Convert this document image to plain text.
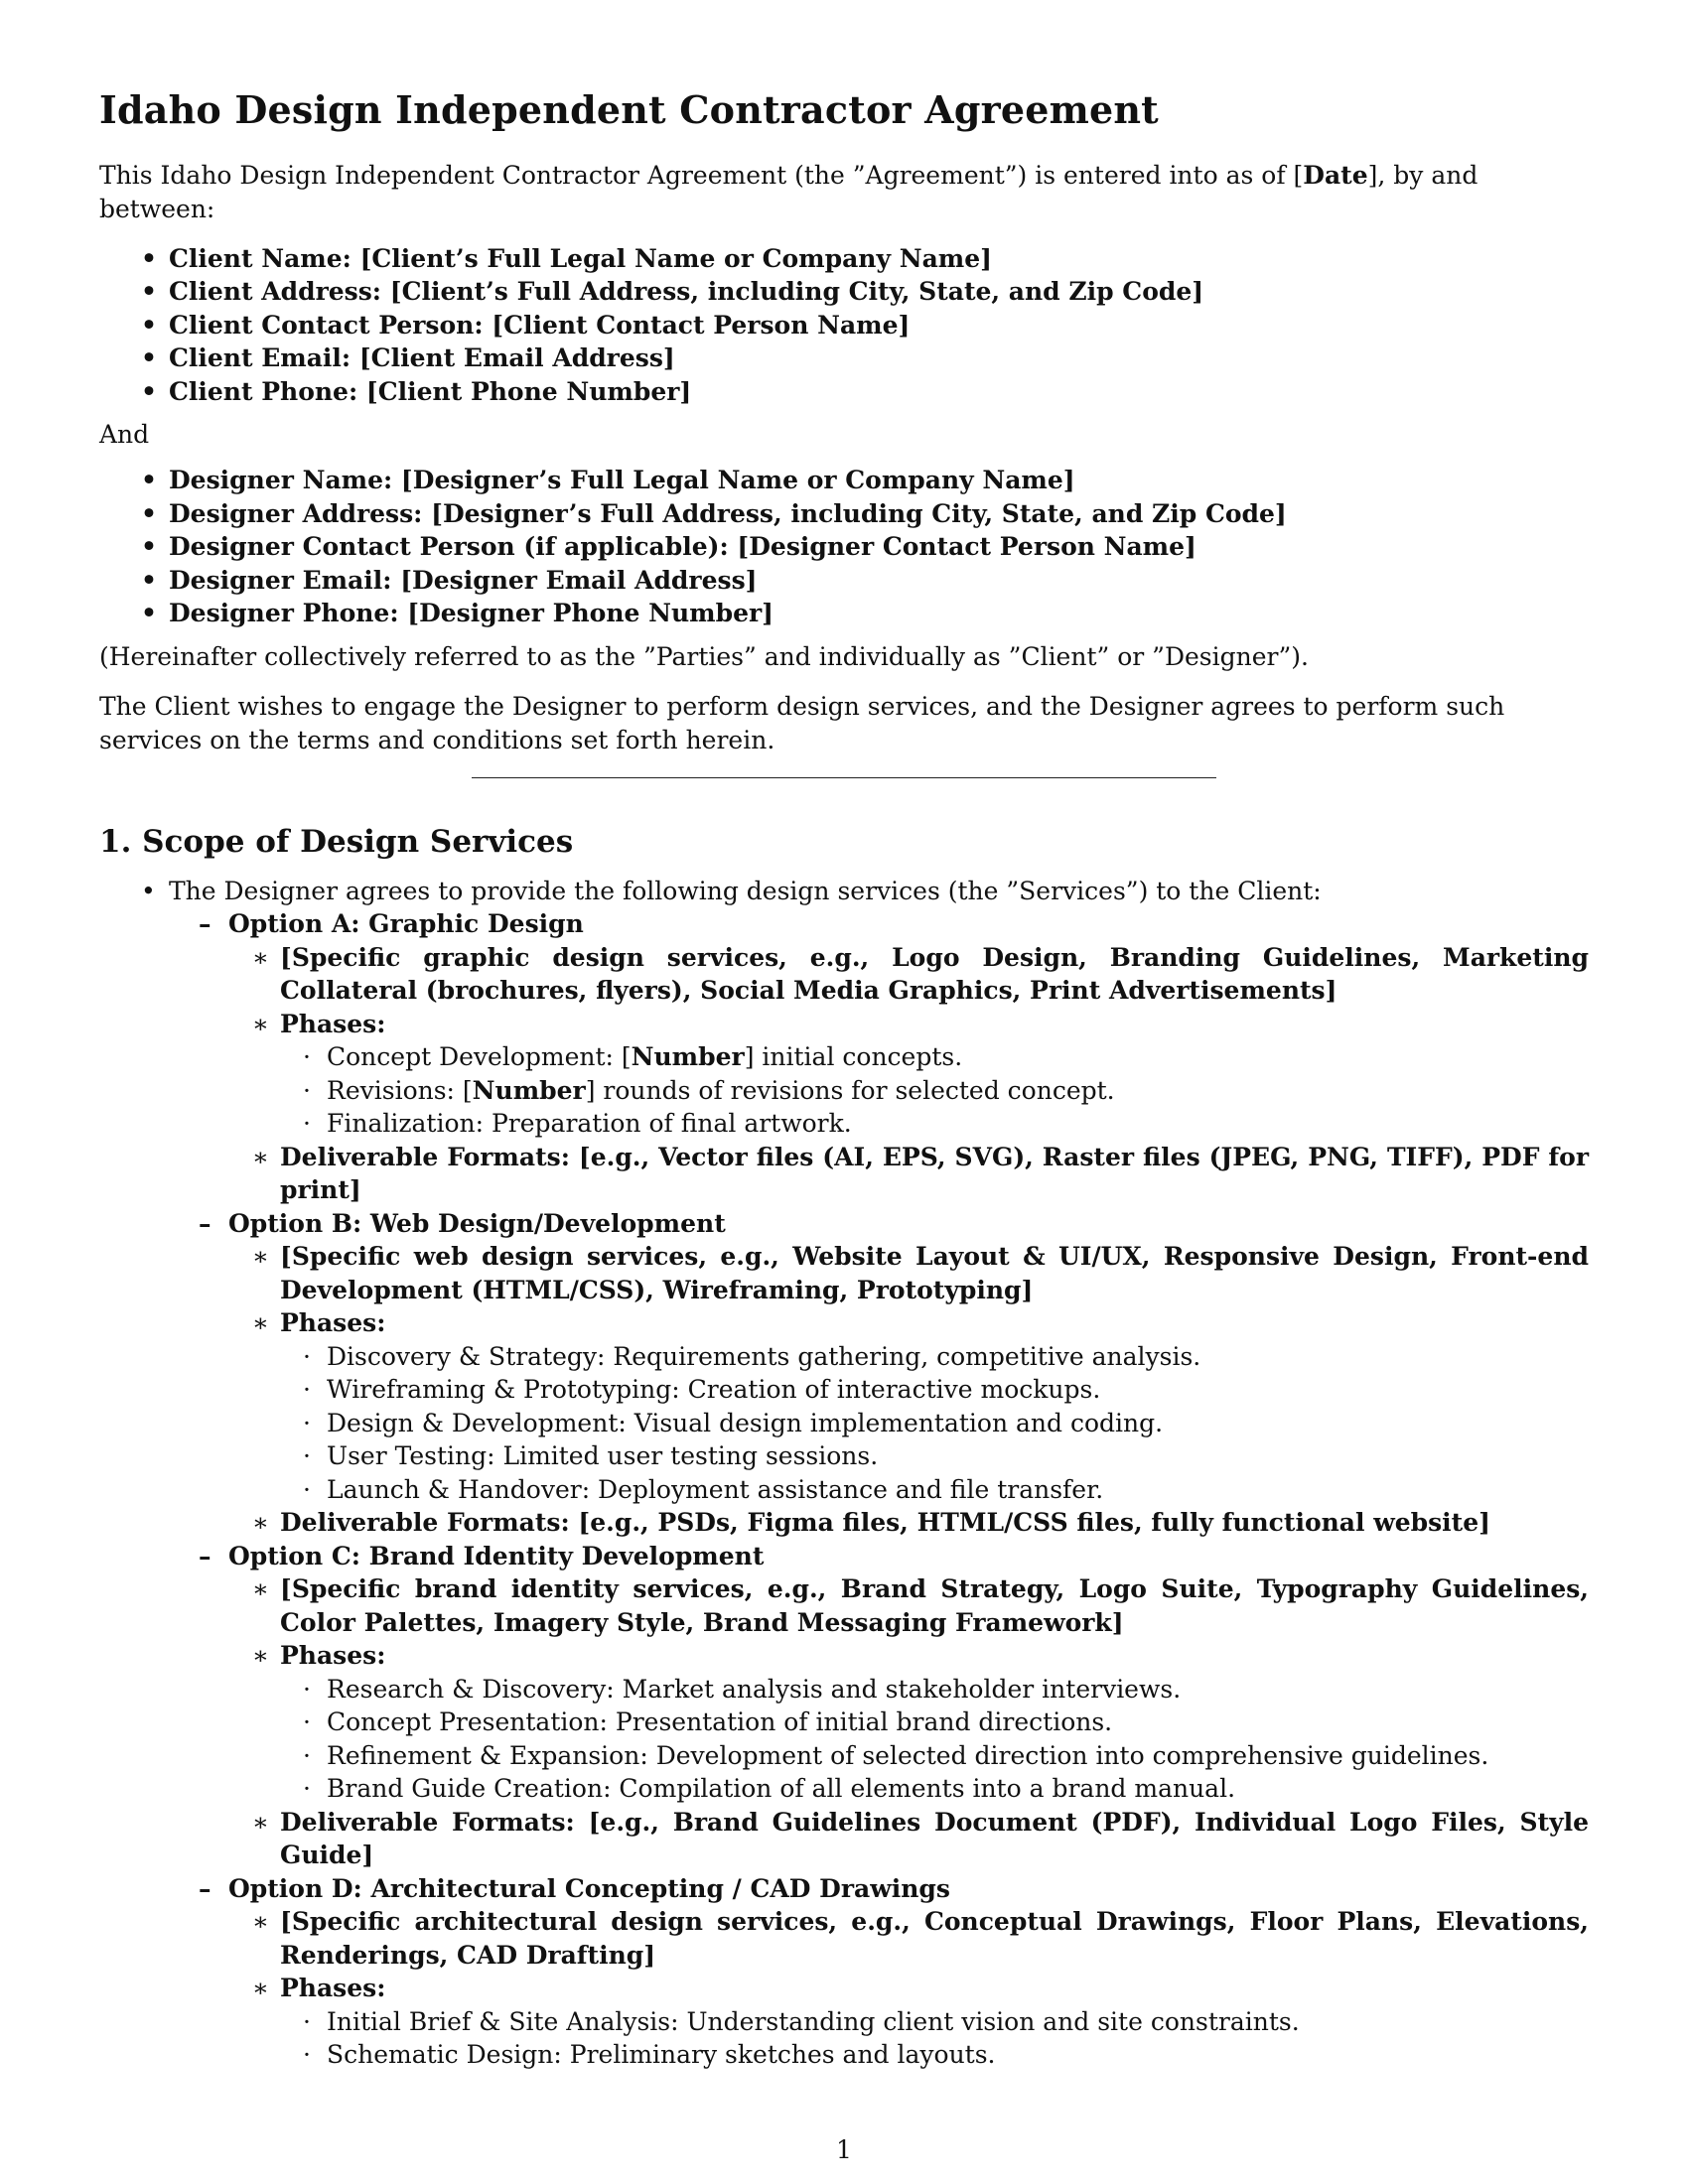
Idaho Design Independent Contractor Agreement

This Idaho Design Independent Contractor Agreement (the ”Agreement”) is entered into as of [Date], by and between:

• Client Name: [Client’s Full Legal Name or Company Name]
• Client Address: [Client’s Full Address, including City, State, and Zip Code]
• Client Contact Person: [Client Contact Person Name]
• Client Email: [Client Email Address]
• Client Phone: [Client Phone Number]

And

• Designer Name: [Designer’s Full Legal Name or Company Name]
• Designer Address: [Designer’s Full Address, including City, State, and Zip Code]
• Designer Contact Person (if applicable): [Designer Contact Person Name]
• Designer Email: [Designer Email Address]
• Designer Phone: [Designer Phone Number]

(Hereinafter collectively referred to as the ”Parties” and individually as ”Client” or ”Designer”).

The Client wishes to engage the Designer to perform design services, and the Designer agrees to perform such services on the terms and conditions set forth herein.

1. Scope of Design Services
• The Designer agrees to provide the following design services (the ”Services”) to the Client:
– Option A: Graphic Design
∗ [Specific graphic design services, e.g., Logo Design, Branding Guidelines, Marketing Collateral (brochures, flyers), Social Media Graphics, Print Advertisements]
∗ Phases:
· Concept Development: [Number] initial concepts.
· Revisions: [Number] rounds of revisions for selected concept.
· Finalization: Preparation of final artwork.
∗ Deliverable Formats: [e.g., Vector files (AI, EPS, SVG), Raster files (JPEG, PNG, TIFF), PDF for print]
– Option B: Web Design/Development
∗ [Specific web design services, e.g., Website Layout & UI/UX, Responsive Design, Front-end Development (HTML/CSS), Wireframing, Prototyping]
∗ Phases:
· Discovery & Strategy: Requirements gathering, competitive analysis.
· Wireframing & Prototyping: Creation of interactive mockups.
· Design & Development: Visual design implementation and coding.
· User Testing: Limited user testing sessions.
· Launch & Handover: Deployment assistance and file transfer.
∗ Deliverable Formats: [e.g., PSDs, Figma files, HTML/CSS files, fully functional website]
– Option C: Brand Identity Development
∗ [Specific brand identity services, e.g., Brand Strategy, Logo Suite, Typography Guidelines, Color Palettes, Imagery Style, Brand Messaging Framework]
∗ Phases:
· Research & Discovery: Market analysis and stakeholder interviews.
· Concept Presentation: Presentation of initial brand directions.
· Refinement & Expansion: Development of selected direction into comprehensive guidelines.
· Brand Guide Creation: Compilation of all elements into a brand manual.
∗ Deliverable Formats: [e.g., Brand Guidelines Document (PDF), Individual Logo Files, Style Guide]
– Option D: Architectural Concepting / CAD Drawings
∗ [Specific architectural design services, e.g., Conceptual Drawings, Floor Plans, Elevations, Renderings, CAD Drafting]
∗ Phases:
· Initial Brief & Site Analysis: Understanding client vision and site constraints.
· Schematic Design: Preliminary sketches and layouts.
1
